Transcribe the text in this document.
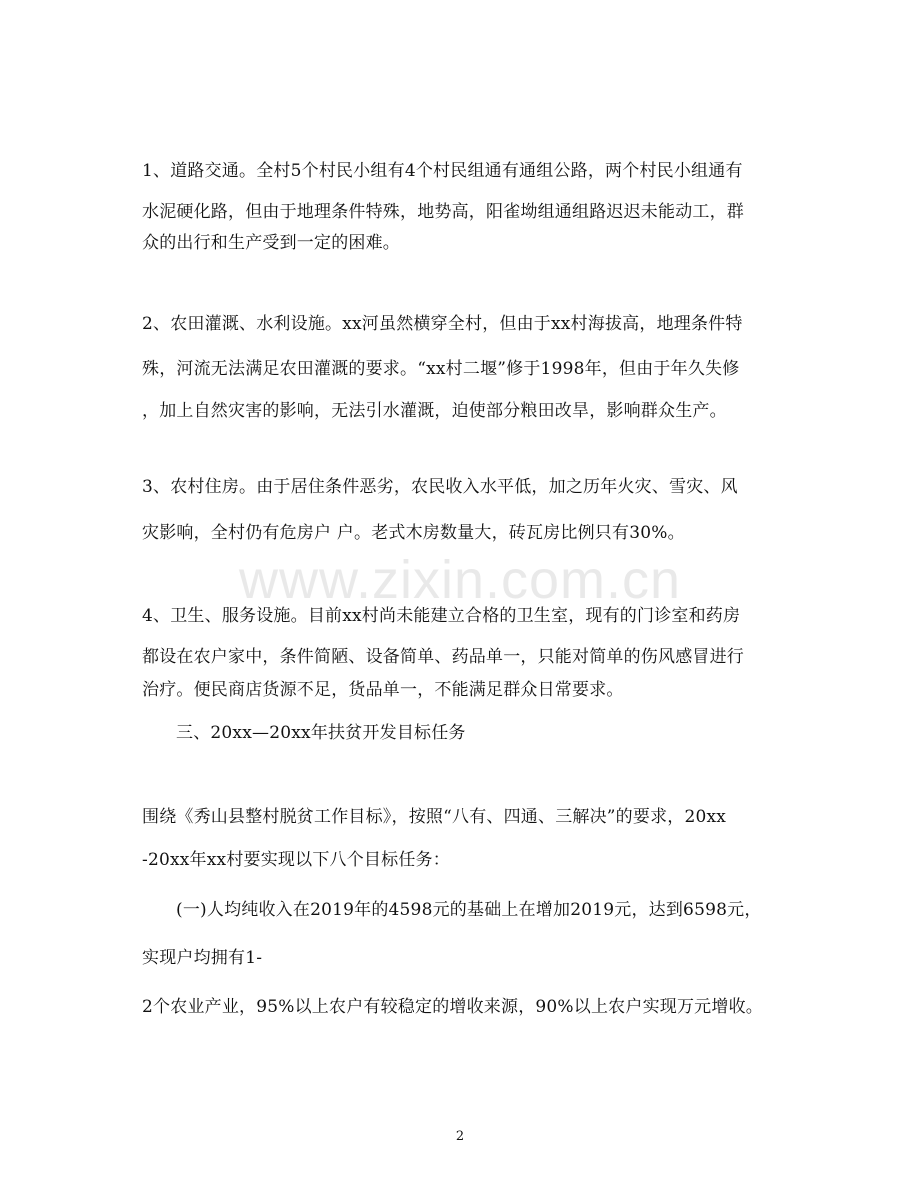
1、道路交通。全村5个村民小组有4个村民组通有通组公路，两个村民小组通有
水泥硬化路，但由于地理条件特殊，地势高，阳雀坳组通组路迟迟未能动工，群
众的出行和生产受到一定的困难。
2、农田灌溉、水利设施。xx河虽然横穿全村，但由于xx村海拔高，地理条件特
殊，河流无法满足农田灌溉的要求。“xx村二堰”修于1998年，但由于年久失修
，加上自然灾害的影响，无法引水灌溉，迫使部分粮田改旱，影响群众生产。
3、农村住房。由于居住条件恶劣，农民收入水平低，加之历年火灾、雪灾、风
灾影响，全村仍有危房户 户。老式木房数量大，砖瓦房比例只有30%。
4、卫生、服务设施。目前xx村尚未能建立合格的卫生室，现有的门诊室和药房
都设在农户家中，条件简陋、设备简单、药品单一，只能对简单的伤风感冒进行
治疗。便民商店货源不足，货品单一，不能满足群众日常要求。
三、20xx—20xx年扶贫开发目标任务
围绕《秀山县整村脱贫工作目标》，按照“八有、四通、三解决”的要求，20xx
-20xx年xx村要实现以下八个目标任务：
(一)人均纯收入在2019年的4598元的基础上在增加2019元，达到6598元，
实现户均拥有1-
2个农业产业，95%以上农户有较稳定的增收来源，90%以上农户实现万元增收。
www.zixin.com.cn
2
